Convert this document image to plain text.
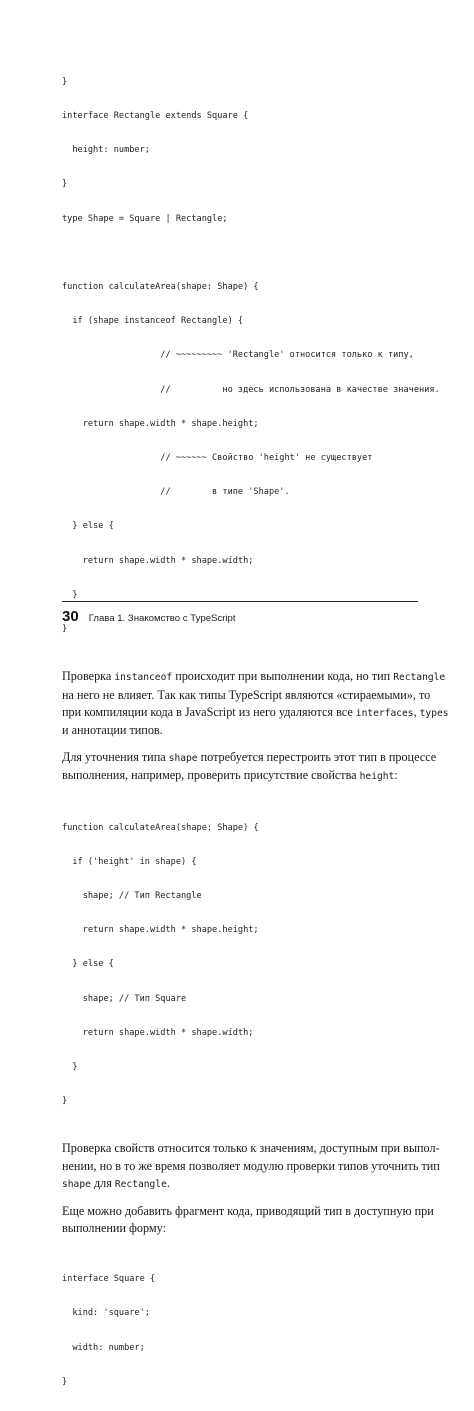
}

interface Rectangle extends Square {

height: number;

}

type Shape = Square | Rectangle;

function calculateArea(shape: Shape) {

if (shape instanceof Rectangle) {

// ~~~~~~~~~ 'Rectangle' относится только к типу,

//          но здесь использована в качестве значения.

return shape.width * shape.height;

// ~~~~~~ Свойство 'height' не существует

//        в типе 'Shape'.

} else {

return shape.width * shape.width;

}

}

Проверка instanceof происходит при выполнении кода, но тип Rectangle
на него не влияет. Так как типы TypeScript являются «стираемыми», то
при компиляции кода в JavaScript из него удаляются все interfaces, types
и аннотации типов.
Для уточнения типа shape потребуется перестроить этот тип в процессе
выполнения, например, проверить присутствие свойства height:

function calculateArea(shape: Shape) {

if ('height' in shape) {

shape; // Тип Rectangle

return shape.width * shape.height;

} else {

shape; // Тип Square

return shape.width * shape.width;

}

}

Проверка свойств относится только к значениям, доступным при выпол-
нении, но в то же время позволяет модулю проверки типов уточнить тип
shape для Rectangle.
Еще можно добавить фрагмент кода, приводящий тип в доступную при
выполнении форму:

interface Square {

kind: 'square';

width: number;

}

30 Глава 1. Знакомство с TypeScript
